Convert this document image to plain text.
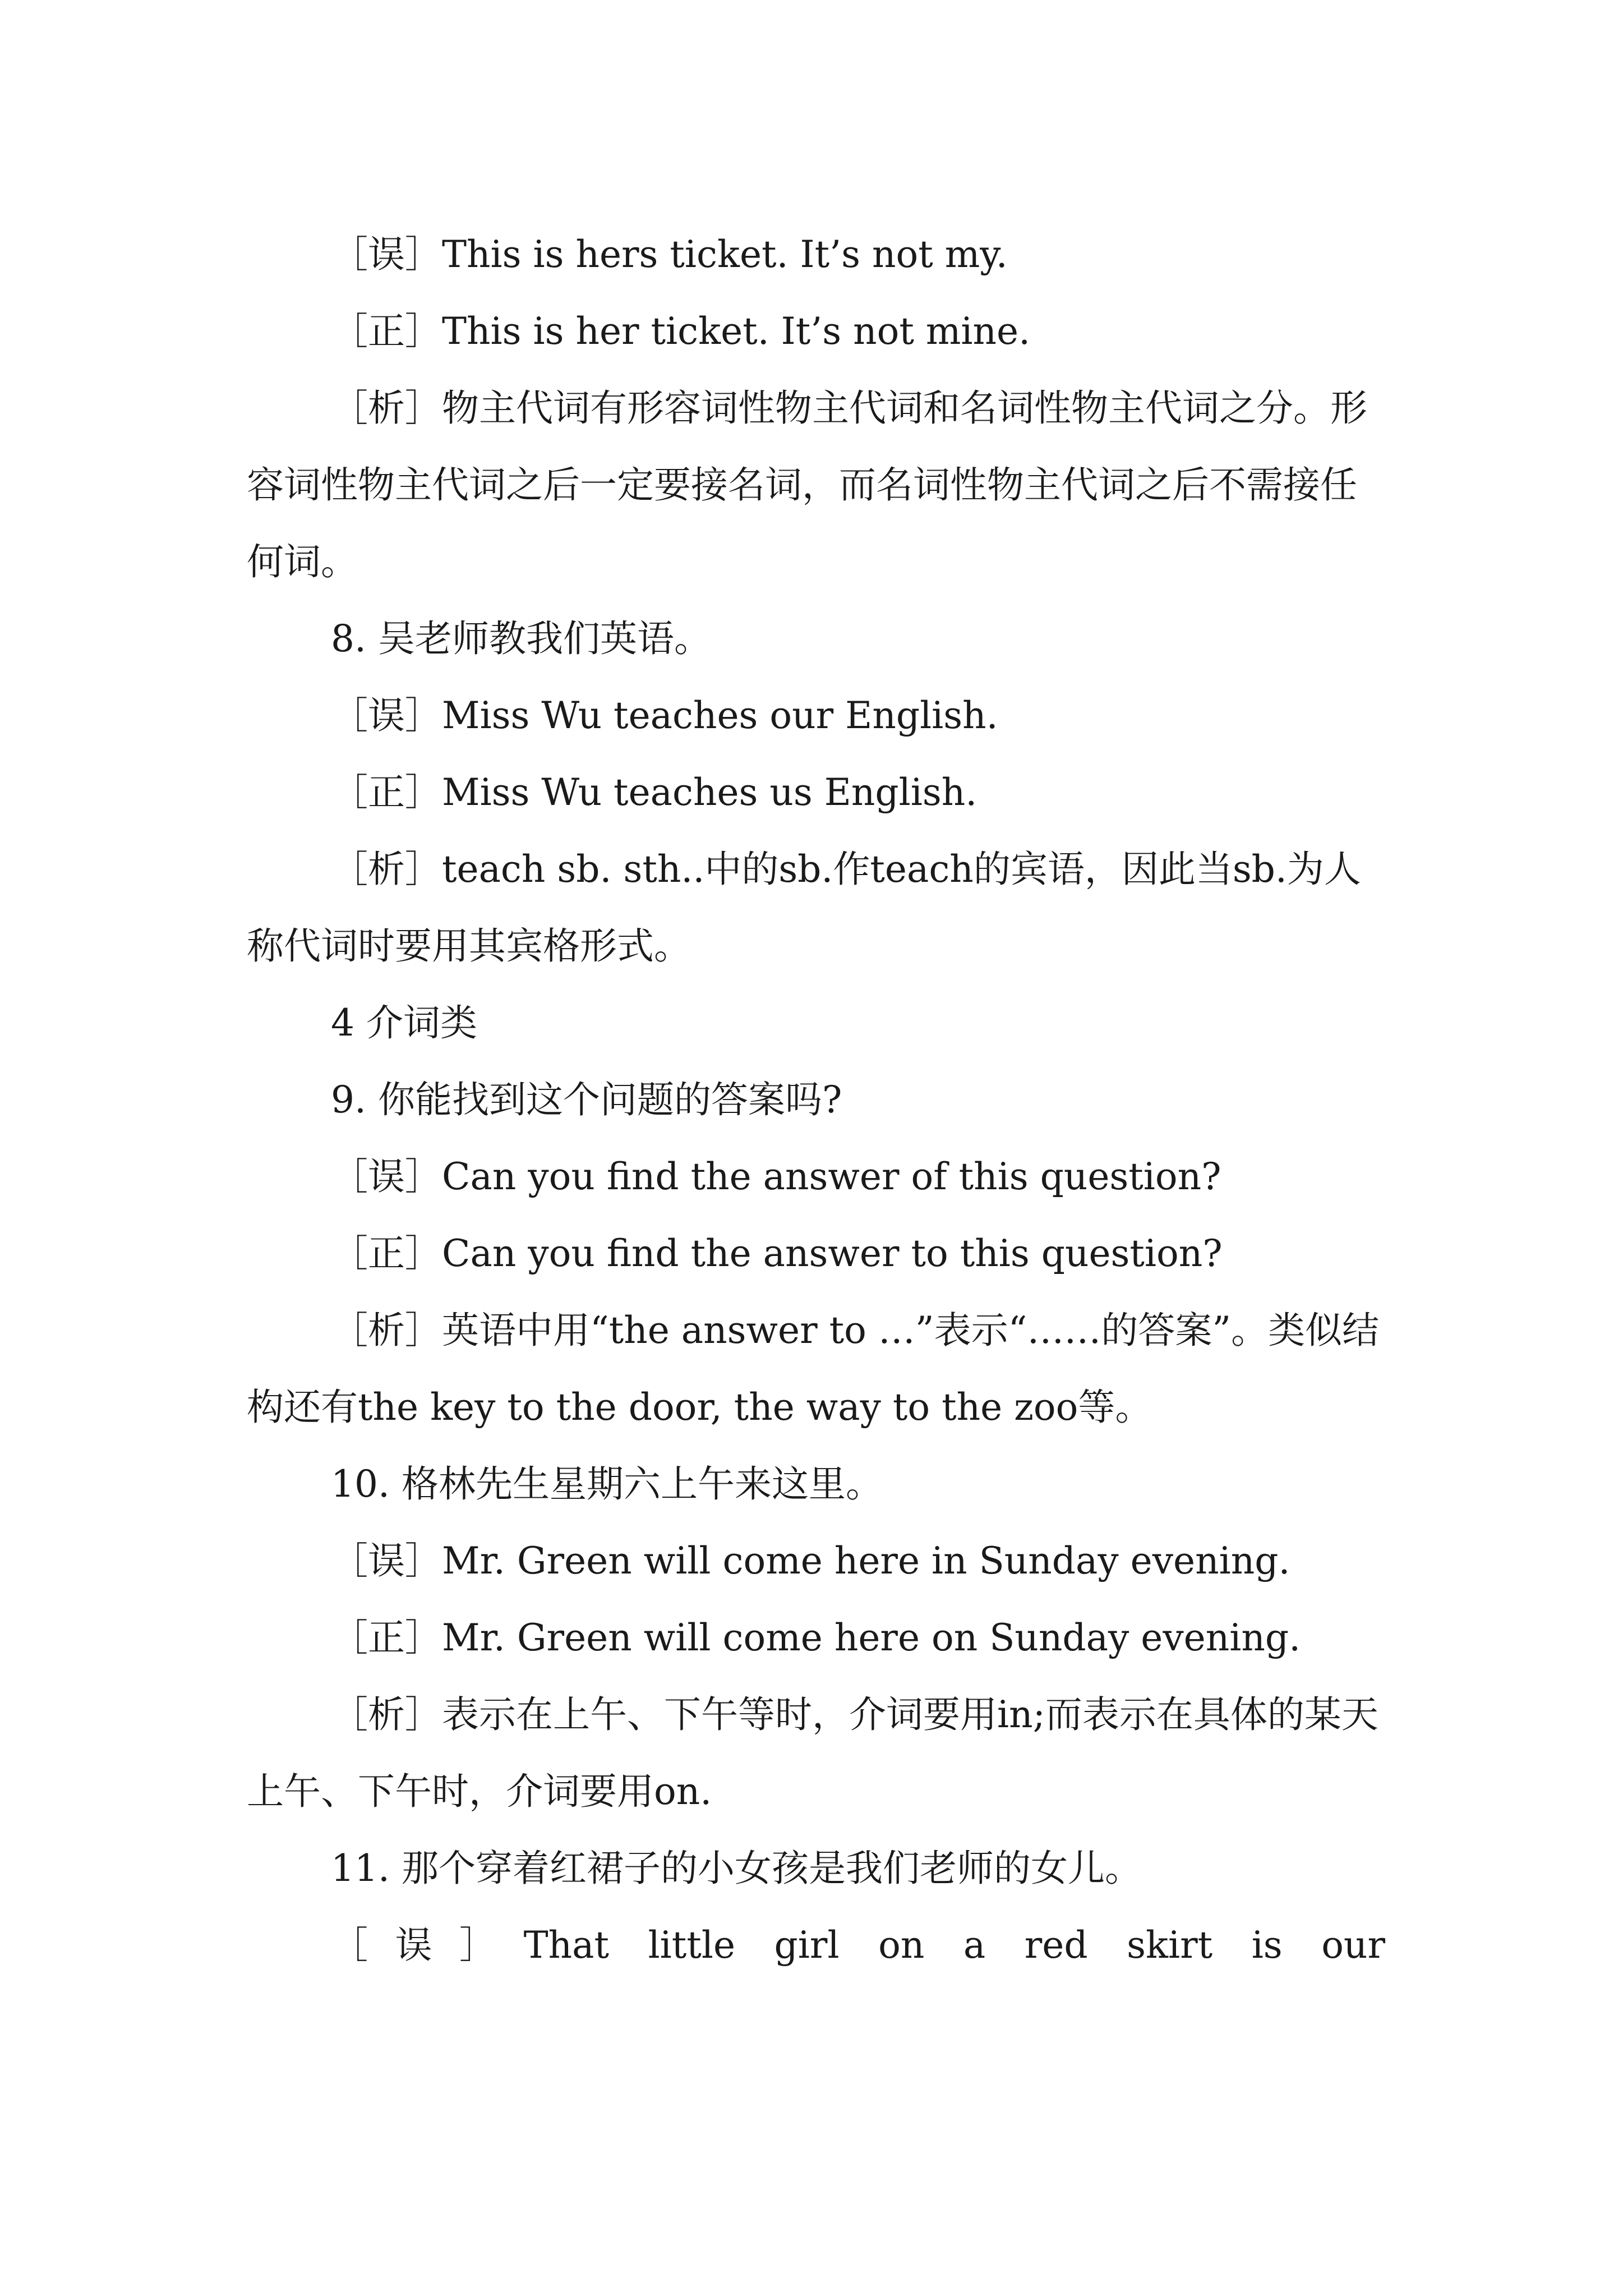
［误］This is hers ticket. It’s not my.

［正］This is her ticket. It’s not mine.

［析］物主代词有形容词性物主代词和名词性物主代词之分。形容词性物主代词之后一定要接名词，而名词性物主代词之后不需接任何词。

8. 吴老师教我们英语。

［误］Miss Wu teaches our English.

［正］Miss Wu teaches us English.

［析］teach sb. sth..中的sb.作teach的宾语，因此当sb.为人称代词时要用其宾格形式。

4 介词类

9. 你能找到这个问题的答案吗?

［误］Can you find the answer of this question?

［正］Can you find the answer to this question?

［析］英语中用“the answer to …”表示“……的答案”。类似结构还有the key to the door, the way to the zoo等。

10. 格林先生星期六上午来这里。

［误］Mr. Green will come here in Sunday evening.

［正］Mr. Green will come here on Sunday evening.

［析］表示在上午、下午等时，介词要用in;而表示在具体的某天上午、下午时，介词要用on.

11. 那个穿着红裙子的小女孩是我们老师的女儿。

［误］That little girl on a red skirt is our
